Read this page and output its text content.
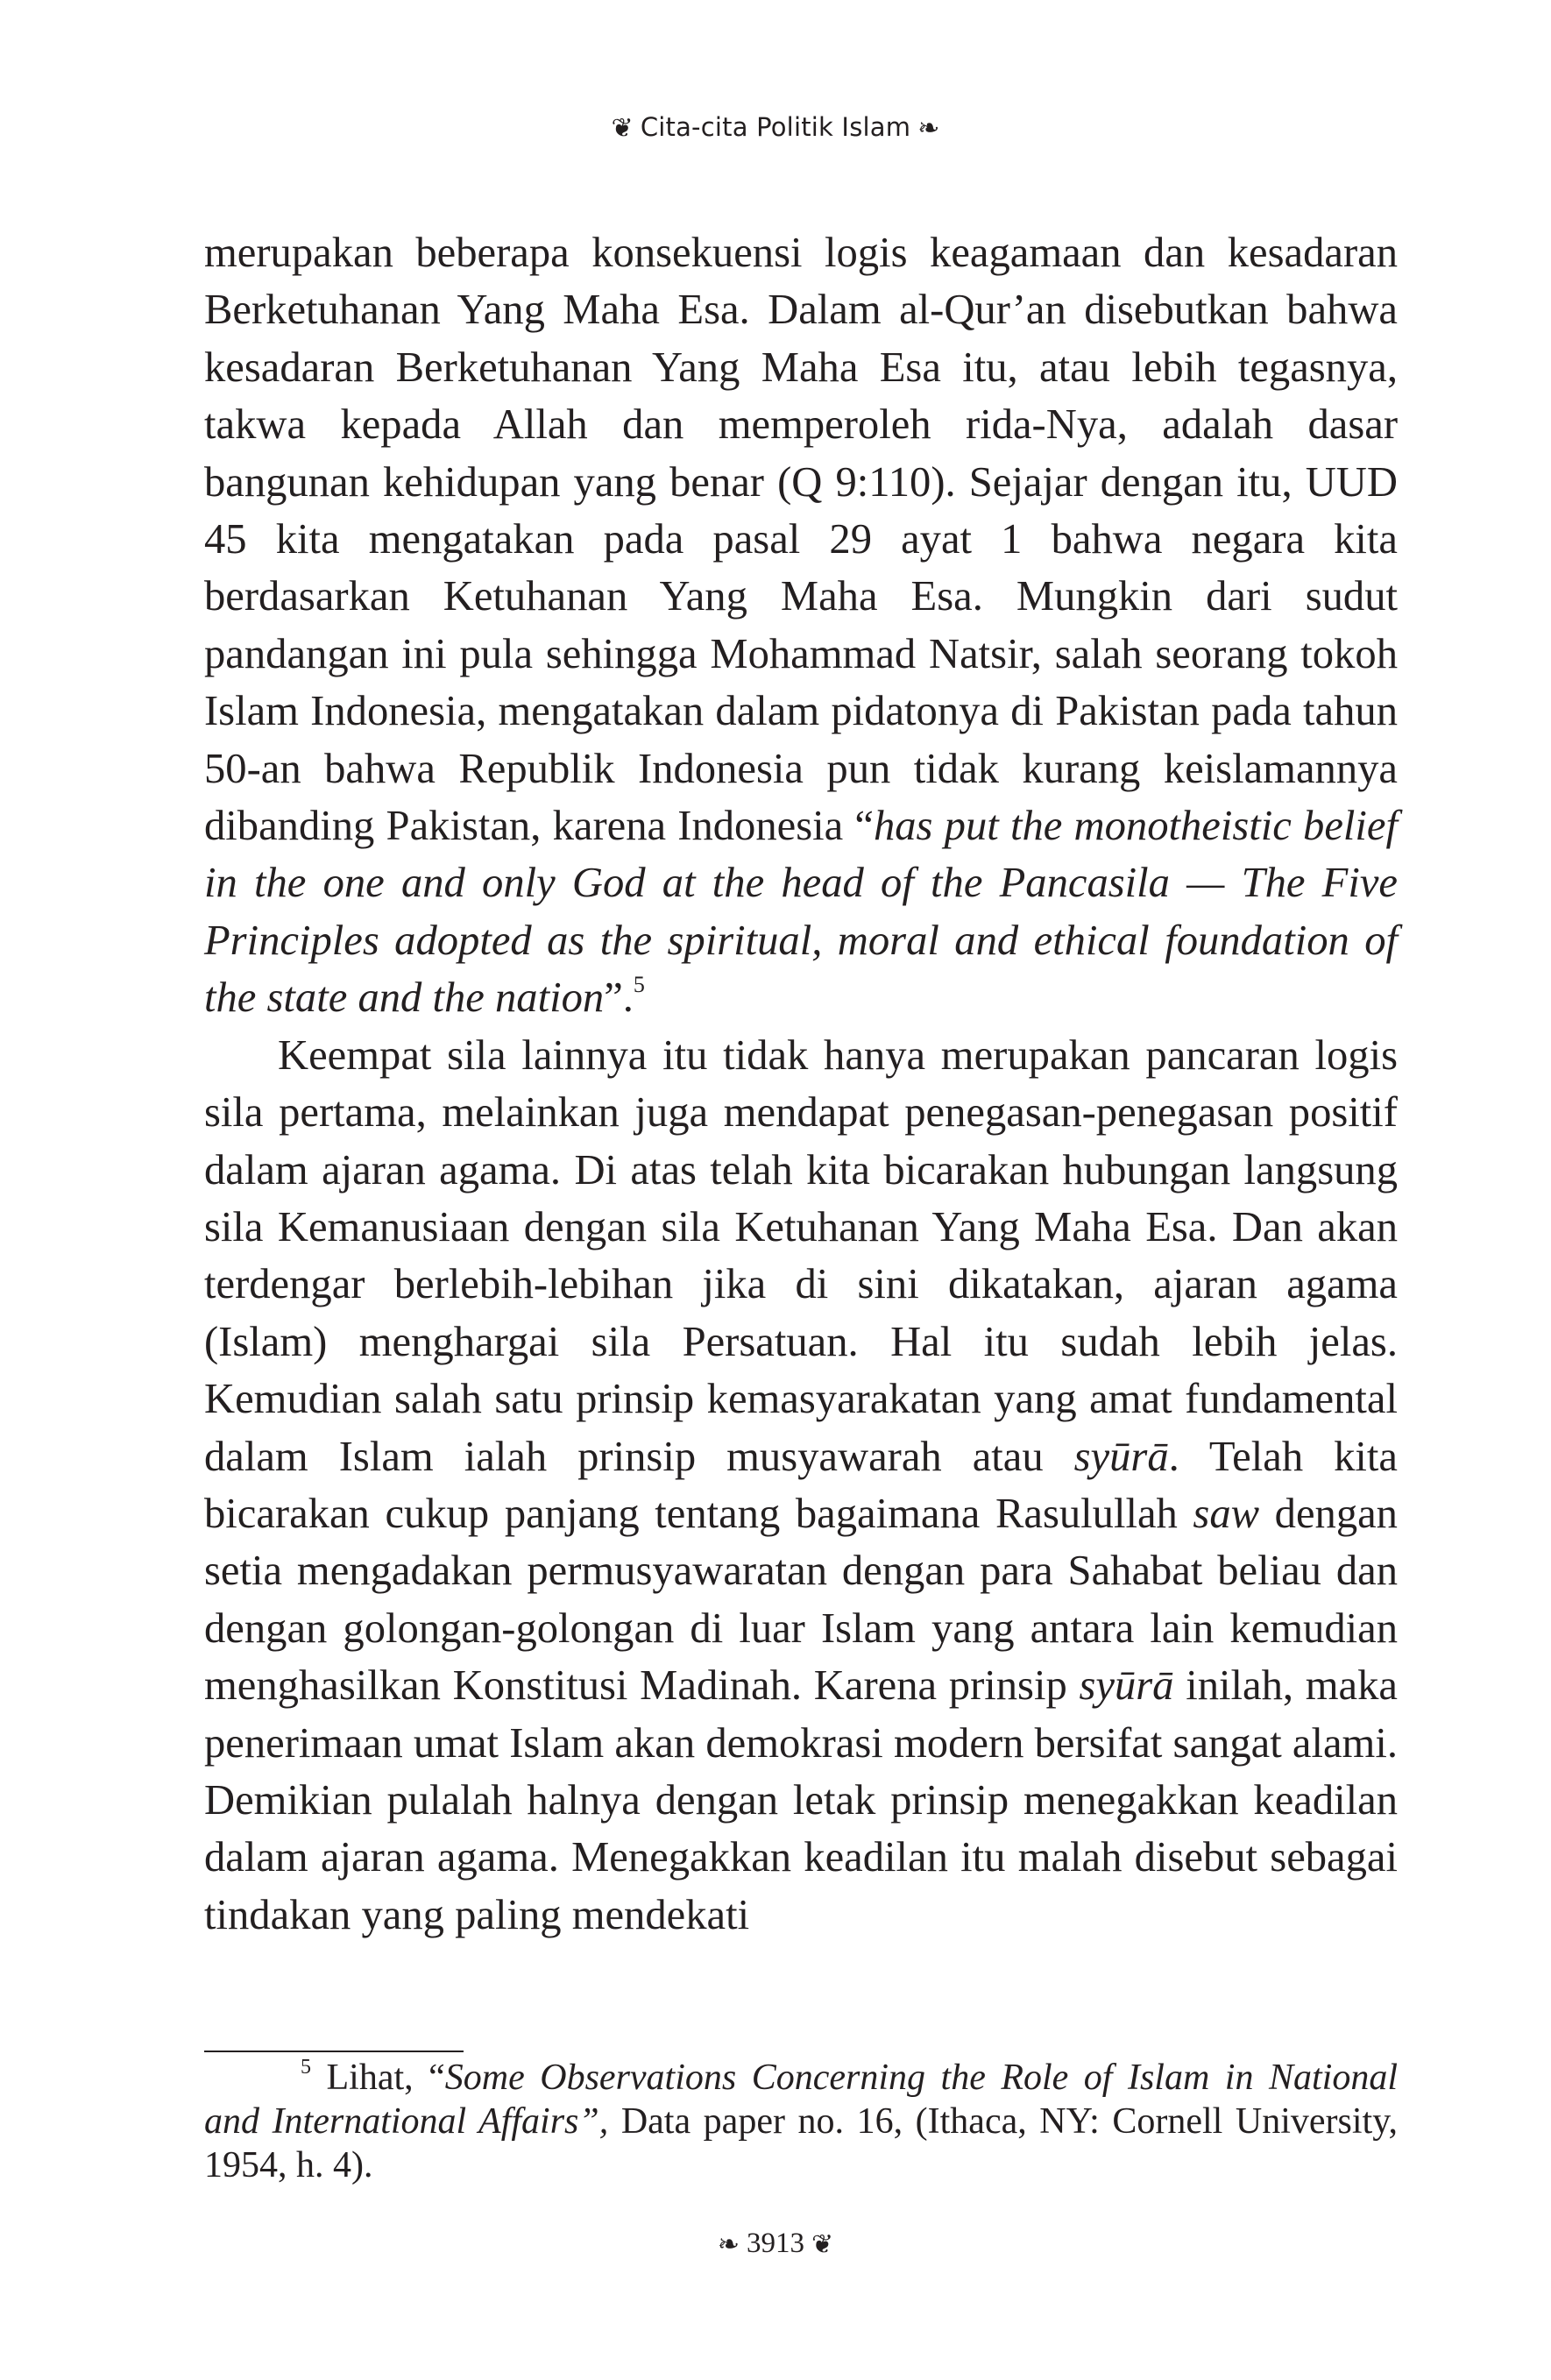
❦ Cita-cita Politik Islam ❧

merupakan beberapa konsekuensi logis keagamaan dan kesadaran Berketuhanan Yang Maha Esa. Dalam al-Qur’an disebutkan bahwa kesadaran Berketuhanan Yang Maha Esa itu, atau lebih tegasnya, takwa kepada Allah dan memperoleh rida-Nya, adalah dasar bangunan kehidupan yang benar (Q 9:110). Sejajar dengan itu, UUD 45 kita mengatakan pada pasal 29 ayat 1 bahwa negara kita berdasarkan Ketuhanan Yang Maha Esa. Mungkin dari sudut pandangan ini pula sehingga Mohammad Natsir, salah seorang tokoh Islam Indonesia, mengatakan dalam pidatonya di Pakistan pada tahun 50-an bahwa Republik Indonesia pun tidak kurang keislamannya dibanding Pakistan, karena Indonesia “has put the monotheistic belief in the one and only God at the head of the Pancasila — The Five Principles adopted as the spiritual, moral and ethical foundation of the state and the nation”.$^5$

Keempat sila lainnya itu tidak hanya merupakan pancaran logis sila pertama, melainkan juga mendapat penegasan-penegasan positif dalam ajaran agama. Di atas telah kita bicarakan hubungan langsung sila Kemanusiaan dengan sila Ketuhanan Yang Maha Esa. Dan akan terdengar berlebih-lebihan jika di sini dikatakan, ajaran agama (Islam) menghargai sila Persatuan. Hal itu sudah lebih jelas. Kemudian salah satu prinsip kemasyarakatan yang amat fundamental dalam Islam ialah prinsip musyawarah atau syūrā. Telah kita bicarakan cukup panjang tentang bagaimana Rasulullah saw dengan setia mengadakan permusyawaratan dengan para Sahabat beliau dan dengan golongan-golongan di luar Islam yang antara lain kemudian menghasilkan Konstitusi Madinah. Karena prinsip syūrā inilah, maka penerimaan umat Islam akan demokrasi modern bersifat sangat alami. Demikian pulalah halnya dengan letak prinsip menegakkan keadilan dalam ajaran agama. Menegakkan keadilan itu malah disebut sebagai tindakan yang paling mendekati

$^5$ Lihat, “Some Observations Concerning the Role of Islam in National and International Affairs”, Data paper no. 16, (Ithaca, NY: Cornell University, 1954, h. 4).

❧ 3913 ❦
